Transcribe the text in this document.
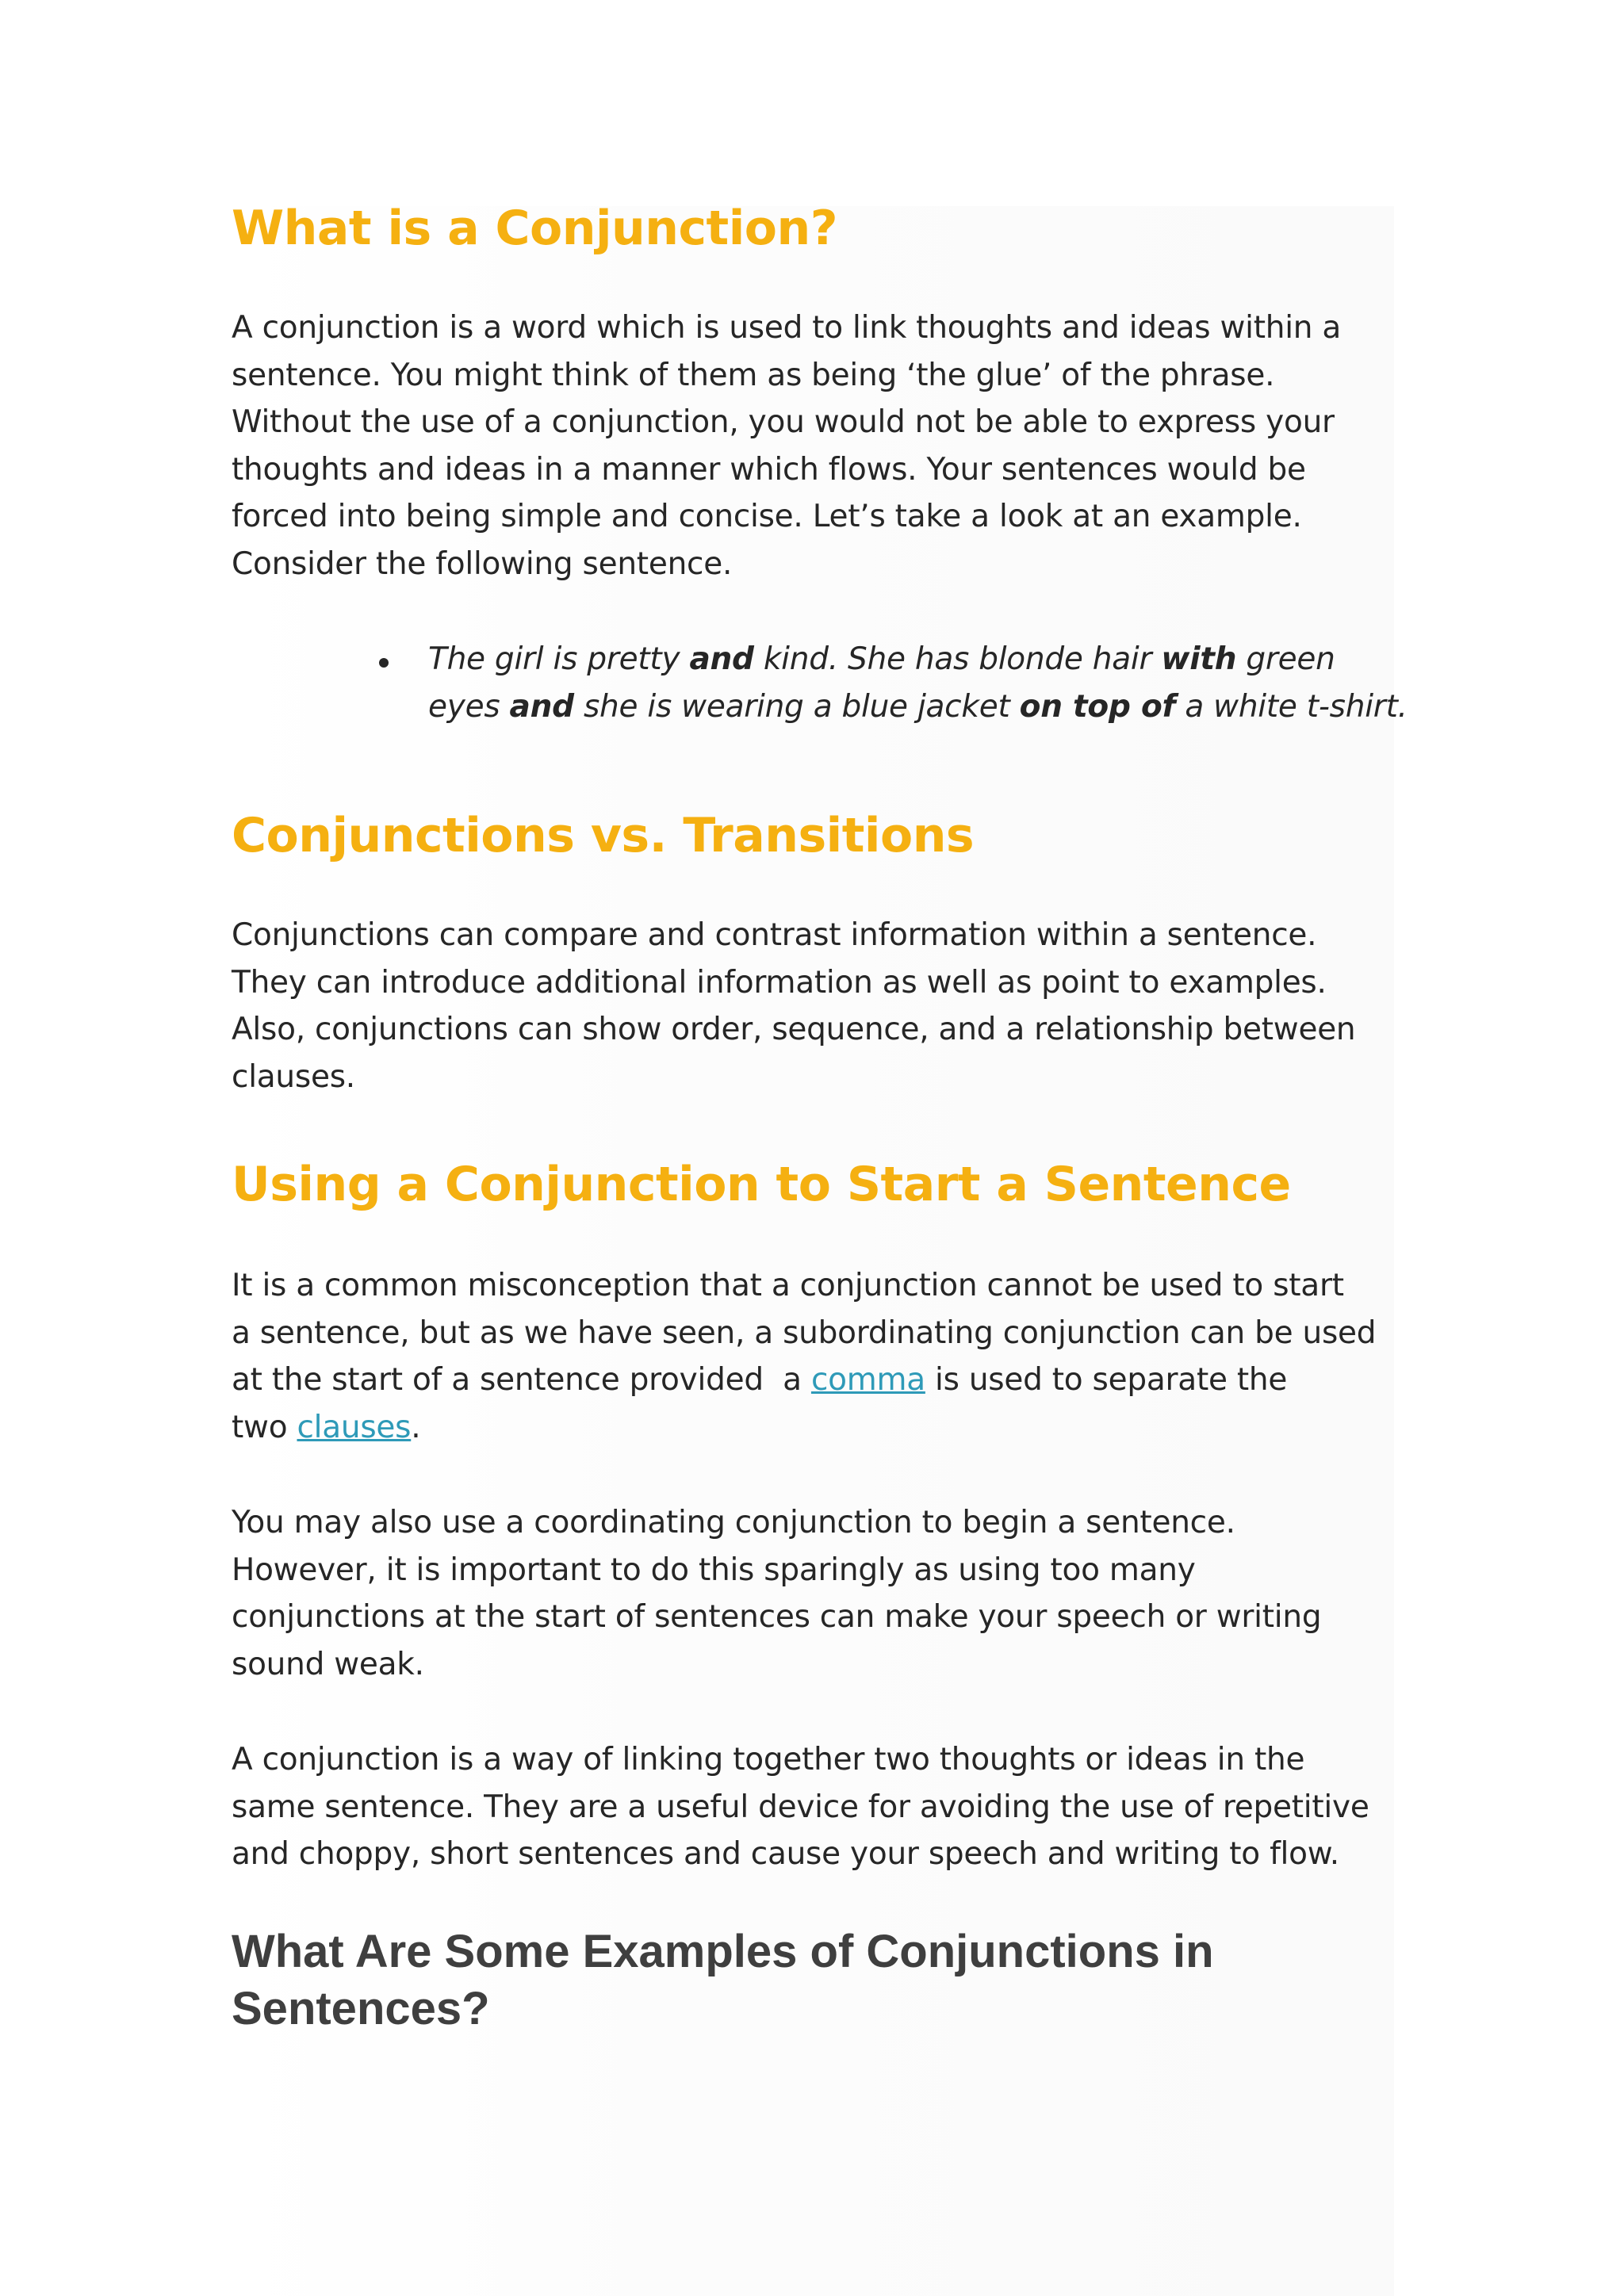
What is a Conjunction?

A conjunction is a word which is used to link thoughts and ideas within a
sentence. You might think of them as being ‘the glue’ of the phrase.
Without the use of a conjunction, you would not be able to express your
thoughts and ideas in a manner which flows. Your sentences would be
forced into being simple and concise. Let’s take a look at an example.
Consider the following sentence.

The girl is pretty and kind. She has blonde hair with green
eyes and she is wearing a blue jacket on top of a white t-shirt.

Conjunctions vs. Transitions

Conjunctions can compare and contrast information within a sentence.
They can introduce additional information as well as point to examples.
Also, conjunctions can show order, sequence, and a relationship between
clauses.

Using a Conjunction to Start a Sentence

It is a common misconception that a conjunction cannot be used to start
a sentence, but as we have seen, a subordinating conjunction can be used
at the start of a sentence provided  a comma is used to separate the
two clauses.

You may also use a coordinating conjunction to begin a sentence.
However, it is important to do this sparingly as using too many
conjunctions at the start of sentences can make your speech or writing
sound weak.

A conjunction is a way of linking together two thoughts or ideas in the
same sentence. They are a useful device for avoiding the use of repetitive
and choppy, short sentences and cause your speech and writing to flow.

What Are Some Examples of Conjunctions in
Sentences?
